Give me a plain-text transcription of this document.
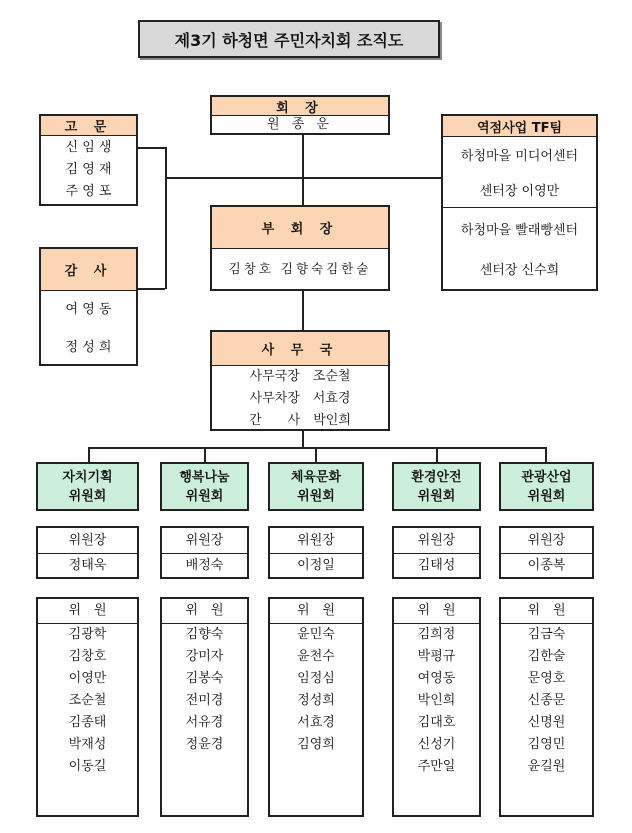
제3기 하청면 주민자치회 조직도
회 장
원 종 운
고 문
신 임 생
김 영 재
주 영 포
감 사
여 영 동
정 성 희
역점사업 TF팀
하청마을 미디어센터
센터장 이영만
하청마을 빨래빵센터
센터장 신수희
부 회 장
김창호 김향숙김한술
사 무 국
사무국장　조순철
사무차장　서효경
간　　사　박인희
자치기획
위원회
위원장
정태욱
위　원
김광학
김창호
이영만
조순철
김종태
박재성
이동길
행복나눔
위원회
위원장
배정숙
위　원
김향숙
강미자
김봉숙
전미경
서유경
정윤경
체육문화
위원회
위원장
이정일
위　원
윤민숙
윤천수
임정심
정성희
서효경
김영희
환경안전
위원회
위원장
김태성
위　원
김희정
박평규
여영동
박인희
김대호
신성기
주만일
관광산업
위원회
위원장
이종복
위　원
김금숙
김한술
문영호
신종문
신명원
김영민
윤길원
